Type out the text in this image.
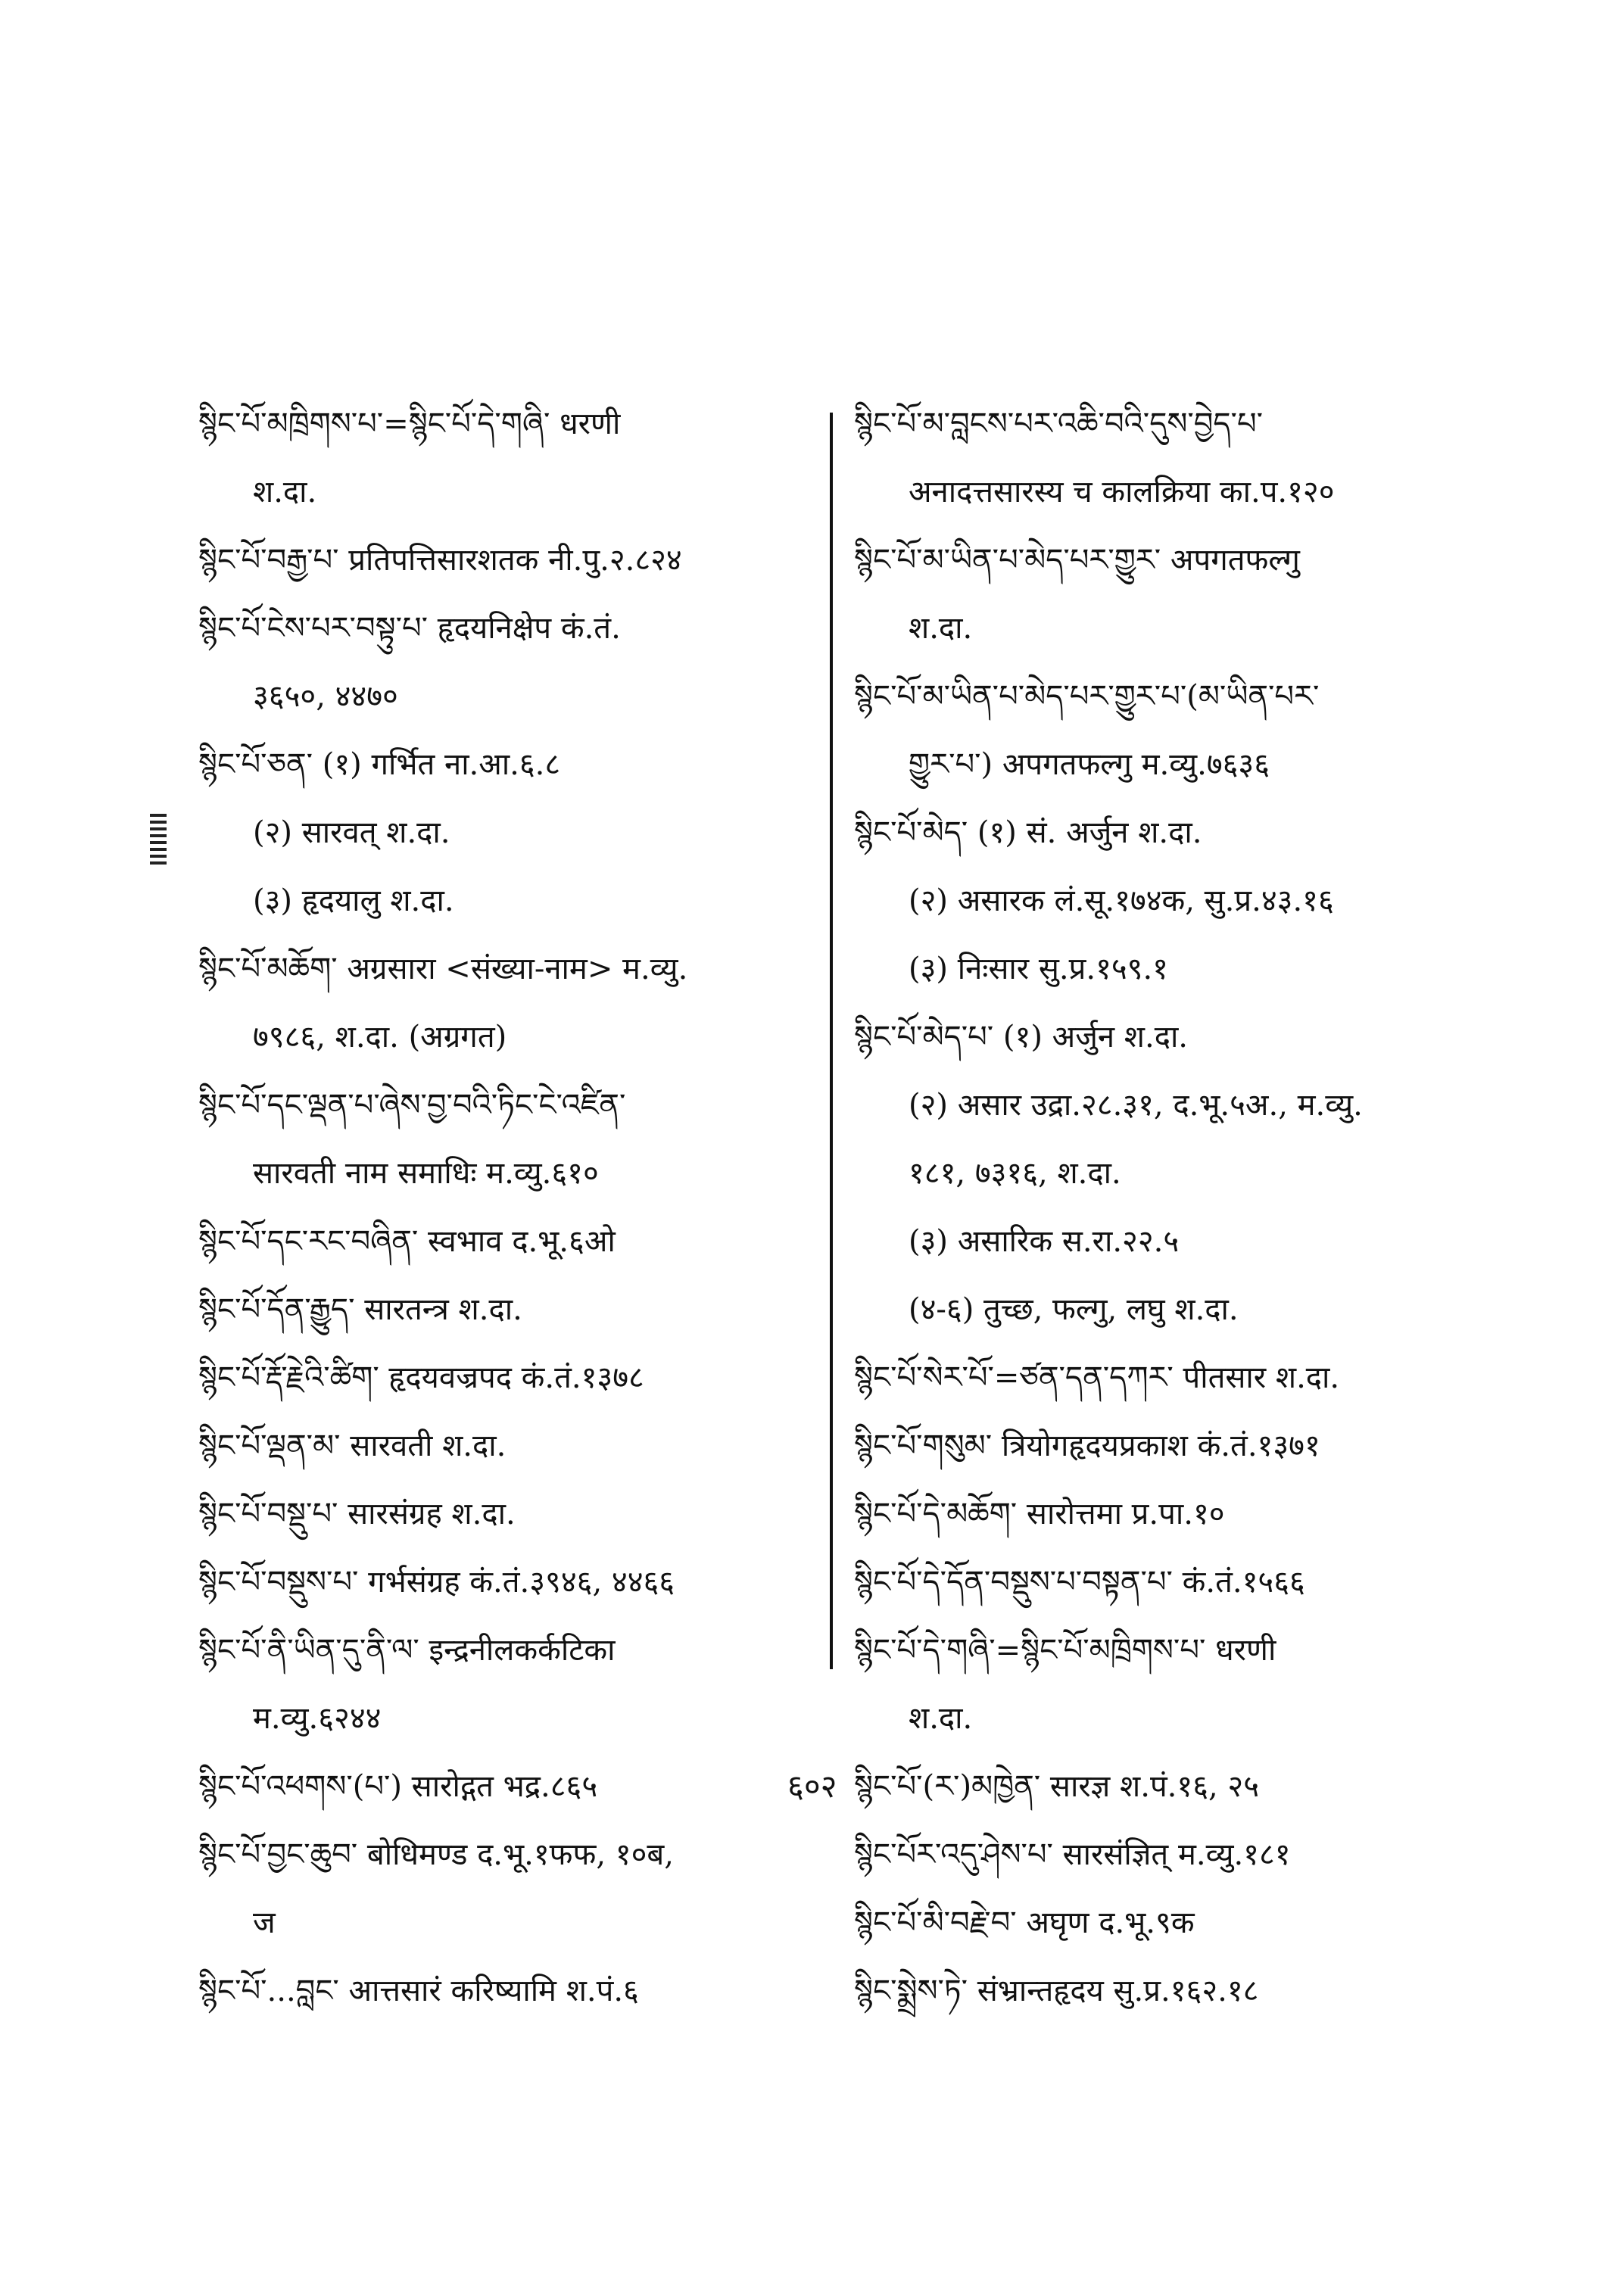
སྙིང་པོ་མཁྲིགས་པ་=སྙིང་པོ་དེ་གཞི་ धरणी
श.दा.
སྙིང་པོ་བརྒྱ་པ་ प्रतिपत्तिसारशतक नी.पु.२.८२४
སྙིང་པོ་ངེས་པར་བསྟུ་པ་ हृदयनिक्षेप कं.तं.
३६५०, ४४७०
སྙིང་པོ་ཅན་ (१) गर्भित ना.आ.६.८
(२) सारवत् श.दा.
(३) हृदयालु श.दा.
སྙིང་པོ་མཆོག་ अग्रसारा <संख्या-नाम> म.व्यु.
७९८६, श.दा. (अग्रगत)
སྙིང་པོ་དང་ལྡན་པ་ཞེས་བྱ་བའི་ཏིང་ངེ་འཛིན་
सारवती नाम समाधिः म.व्यु.६१०
སྙིང་པོ་དང་རང་བཞིན་ स्वभाव द.भू.६ओ
སྙིང་པོ་དོན་རྒྱུད་ सारतन्त्र श.दा.
སྙིང་པོ་རྡོ་རྗེའི་ཚིག་ हृदयवज्रपद कं.तं.१३७८
སྙིང་པོ་ལྡན་མ་ सारवती श.दा.
སྙིང་པོ་བསྡུ་པ་ सारसंग्रह श.दा.
སྙིང་པོ་བསྡུས་པ་ गर्भसंग्रह कं.तं.३९४६, ४४६६
སྙིང་པོ་ནི་ཡིན་དུ་ནི་ལ་ इन्द्रनीलकर्कटिका
म.व्यु.६२४४
སྙིང་པོ་འཕགས་(པ་) सारोद्गत भद्र.८६५
སྙིང་པོ་བྱང་ཆུབ་ बोधिमण्ड द.भू.१फफ, १०ब,
ज
སྙིང་པོ་...བླང་ आत्तसारं करिष्यामि श.पं.६
སྙིང་པོ་མ་བླངས་པར་འཆི་བའི་དུས་བྱེད་པ་
अनादत्तसारस्य च कालक्रिया का.प.१२०
སྙིང་པོ་མ་ཡིན་པ་མེད་པར་གྱུར་ अपगतफल्गु
श.दा.
སྙིང་པོ་མ་ཡིན་པ་མེད་པར་གྱུར་པ་(མ་ཡིན་པར་
གྱུར་པ་) अपगतफल्गु म.व्यु.७६३६
སྙིང་པོ་མེད་ (१) सं. अर्जुन श.दा.
(२) असारक लं.सू.१७४क, सु.प्र.४३.१६
(३) निःसार सु.प्र.१५९.१
སྙིང་པོ་མེད་པ་ (१) अर्जुन श.दा.
(२) असार उद्रा.२८.३१, द.भू.५अ., म.व्यु.
१८१, ७३१६, श.दा.
(३) असारिक स.रा.२२.५
(४-६) तुच्छ, फल्गु, लघु श.दा.
སྙིང་པོ་སེར་པོ་=ཙན་དན་དཀར་ पीतसार श.दा.
སྙིང་པོ་གསུམ་ त्रियोगहृदयप्रकाश कं.तं.१३७१
སྙིང་པོ་དེ་མཆོག་ सारोत्तमा प्र.पा.१०
སྙིང་པོ་དེ་དོན་བསྡུས་པ་བསྟན་པ་ कं.तं.१५६६
སྙིང་པོ་དེ་གཞི་=སྙིང་པོ་མཁྲིགས་པ་ धरणी
श.दा.
སྙིང་པོ་(ར་)མཁྱེན་ सारज्ञ श.पं.१६, २५
སྙིང་པོར་འདུ་ཤེས་པ་ सारसंज्ञित् म.व्यु.१८१
སྙིང་པོ་མི་བརྗེ་བ་ अघृण द.भू.९क
སྙིང་སྨྲེས་ཏེ་ संभ्रान्तहृदय सु.प्र.१६२.१८
६०२
